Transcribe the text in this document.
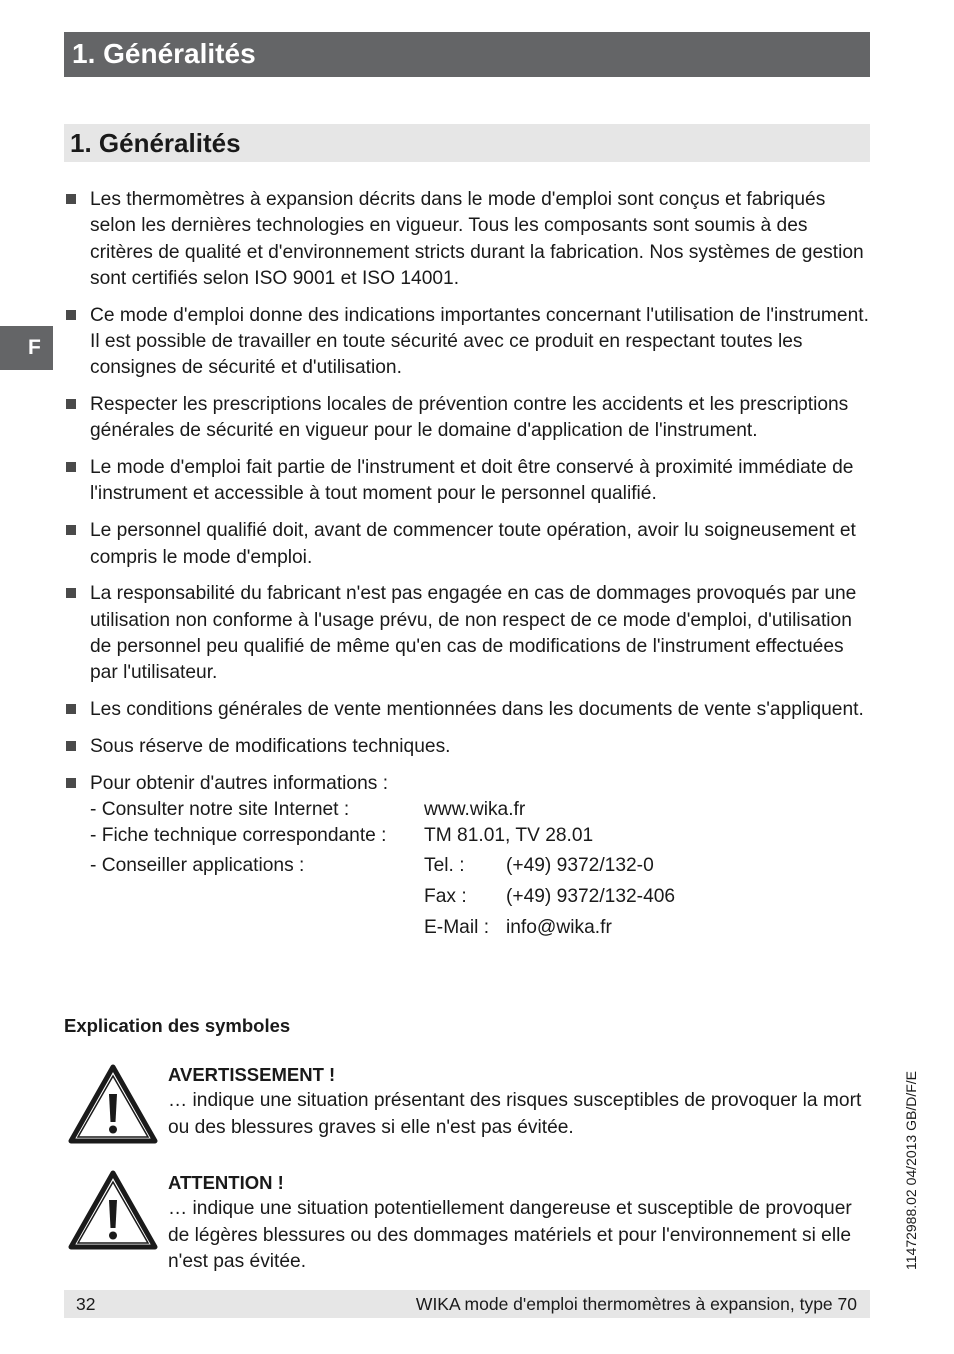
1. Généralités
1. Généralités
F
Les thermomètres à expansion décrits dans le mode d'emploi sont conçus et fabriqués selon les dernières technologies en vigueur. Tous les composants sont soumis à des critères de qualité et d'environnement stricts durant la fabrication. Nos systèmes de gestion sont certifiés selon ISO 9001 et ISO 14001.
Ce mode d'emploi donne des indications importantes concernant l'utilisation de l'instrument. Il est possible de travailler en toute sécurité avec ce produit en respectant toutes les consignes de sécurité et d'utilisation.
Respecter les prescriptions locales de prévention contre les accidents et les prescriptions générales de sécurité en vigueur pour le domaine d'application de l'instrument.
Le mode d'emploi fait partie de l'instrument et doit être conservé à proximité immédiate de l'instrument et accessible à tout moment pour le personnel qualifié.
Le personnel qualifié doit, avant de commencer toute opération, avoir lu soigneusement et compris le mode d'emploi.
La responsabilité du fabricant n'est pas engagée en cas de dommages provoqués par une utilisation non conforme à l'usage prévu, de non respect de ce mode d'emploi, d'utilisation de personnel peu qualifié de même qu'en cas de modifications de l'instrument effectuées par l'utilisateur.
Les conditions générales de vente mentionnées dans les documents de vente s'appliquent.
Sous réserve de modifications techniques.
Pour obtenir d'autres informations :
- Consulter notre site Internet :	www.wika.fr	
- Fiche technique correspondante :	TM 81.01, TV 28.01	
- Conseiller applications :	Tel. :	(+49) 9372/132-0
	Fax :	(+49) 9372/132-406
	E-Mail :	info@wika.fr
Explication des symboles
AVERTISSEMENT !
… indique une situation présentant des risques susceptibles de provoquer la mort ou des blessures graves si elle n'est pas évitée.
ATTENTION !
… indique une situation potentiellement dangereuse et susceptible de provoquer de légères blessures ou des dommages matériels et pour l'environnement si elle n'est pas évitée.	11472988.02 04/2013 GB/D/F/E
32	WIKA mode d'emploi thermomètres à expansion, type 70
